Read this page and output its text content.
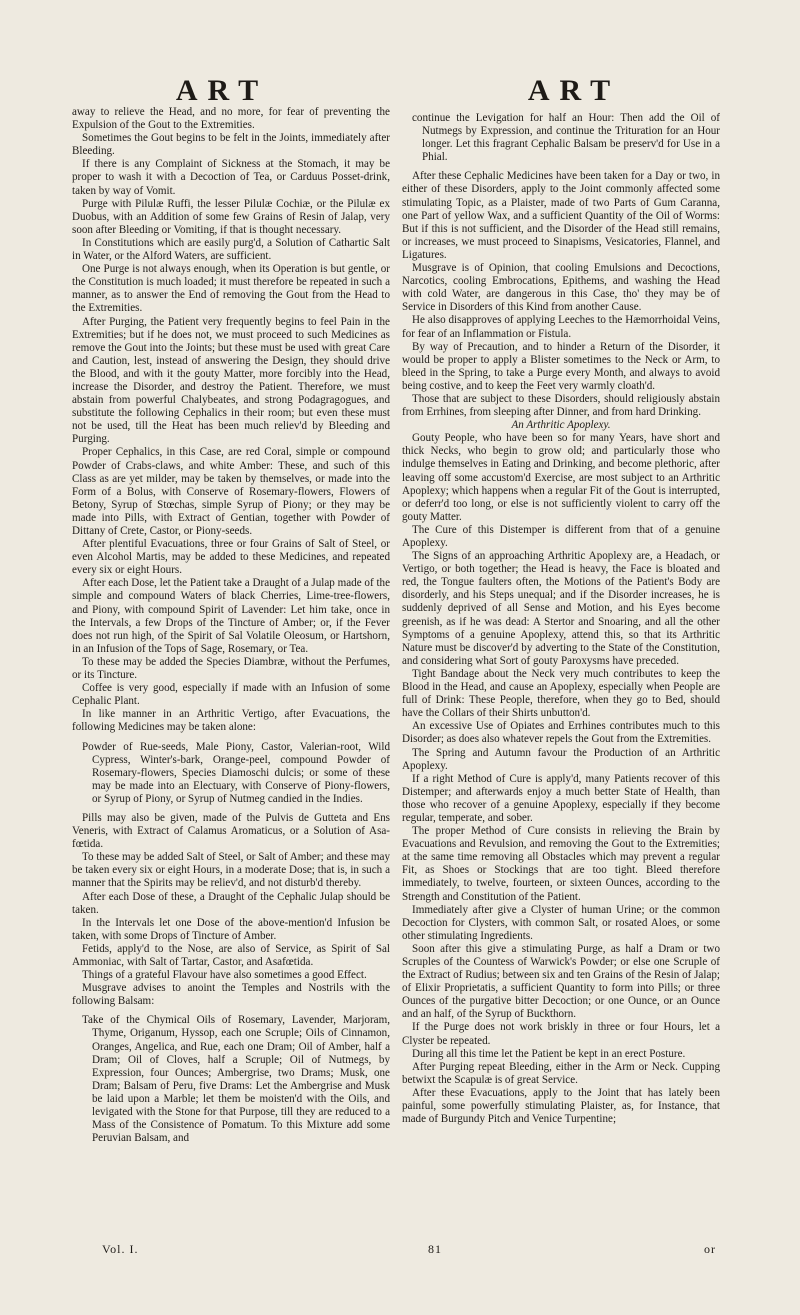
ART	ART

away to relieve the Head, and no more, for fear of preventing the Expulsion of the Gout to the Extremities.

Sometimes the Gout begins to be felt in the Joints, immediately after Bleeding.

If there is any Complaint of Sickness at the Stomach, it may be proper to wash it with a Decoction of Tea, or Carduus Posset-drink, taken by way of Vomit.

Purge with Pilulæ Ruffi, the lesser Pilulæ Cochiæ, or the Pilulæ ex Duobus, with an Addition of some few Grains of Resin of Jalap, very soon after Bleeding or Vomiting, if that is thought necessary.

In Constitutions which are easily purg'd, a Solution of Cathartic Salt in Water, or the Alford Waters, are sufficient.

One Purge is not always enough, when its Operation is but gentle, or the Constitution is much loaded; it must therefore be repeated in such a manner, as to answer the End of removing the Gout from the Head to the Extremities.

After Purging, the Patient very frequently begins to feel Pain in the Extremities; but if he does not, we must proceed to such Medicines as remove the Gout into the Joints; but these must be used with great Care and Caution, lest, instead of answering the Design, they should drive the Blood, and with it the gouty Matter, more forcibly into the Head, increase the Disorder, and destroy the Patient. Therefore, we must abstain from powerful Chalybeates, and strong Podagragogues, and substitute the following Cephalics in their room; but even these must not be used, till the Heat has been much reliev'd by Bleeding and Purging.

Proper Cephalics, in this Case, are red Coral, simple or compound Powder of Crabs-claws, and white Amber: These, and such of this Class as are yet milder, may be taken by themselves, or made into the Form of a Bolus, with Conserve of Rosemary-flowers, Flowers of Betony, Syrup of Stœchas, simple Syrup of Piony; or they may be made into Pills, with Extract of Gentian, together with Powder of Dittany of Crete, Castor, or Piony-seeds.

After plentiful Evacuations, three or four Grains of Salt of Steel, or even Alcohol Martis, may be added to these Medicines, and repeated every six or eight Hours.

After each Dose, let the Patient take a Draught of a Julap made of the simple and compound Waters of black Cherries, Lime-tree-flowers, and Piony, with compound Spirit of Lavender: Let him take, once in the Intervals, a few Drops of the Tincture of Amber; or, if the Fever does not run high, of the Spirit of Sal Volatile Oleosum, or Hartshorn, in an Infusion of the Tops of Sage, Rosemary, or Tea.

To these may be added the Species Diambræ, without the Perfumes, or its Tincture.

Coffee is very good, especially if made with an Infusion of some Cephalic Plant.

In like manner in an Arthritic Vertigo, after Evacuations, the following Medicines may be taken alone:

Powder of Rue-seeds, Male Piony, Castor, Valerian-root, Wild Cypress, Winter's-bark, Orange-peel, compound Powder of Rosemary-flowers, Species Diamoschi dulcis; or some of these may be made into an Electuary, with Conserve of Piony-flowers, or Syrup of Piony, or Syrup of Nutmeg candied in the Indies.

Pills may also be given, made of the Pulvis de Gutteta and Ens Veneris, with Extract of Calamus Aromaticus, or a Solution of Asa-fœtida.

To these may be added Salt of Steel, or Salt of Amber; and these may be taken every six or eight Hours, in a moderate Dose; that is, in such a manner that the Spirits may be reliev'd, and not disturb'd thereby.

After each Dose of these, a Draught of the Cephalic Julap should be taken.

In the Intervals let one Dose of the above-mention'd Infusion be taken, with some Drops of Tincture of Amber.

Fetids, apply'd to the Nose, are also of Service, as Spirit of Sal Ammoniac, with Salt of Tartar, Castor, and Asafœtida.

Things of a grateful Flavour have also sometimes a good Effect.

Musgrave advises to anoint the Temples and Nostrils with the following Balsam:

Take of the Chymical Oils of Rosemary, Lavender, Marjoram, Thyme, Origanum, Hyssop, each one Scruple; Oils of Cinnamon, Oranges, Angelica, and Rue, each one Dram; Oil of Amber, half a Dram; Oil of Cloves, half a Scruple; Oil of Nutmegs, by Expression, four Ounces; Ambergrise, two Drams; Musk, one Dram; Balsam of Peru, five Drams: Let the Ambergrise and Musk be laid upon a Marble; let them be moisten'd with the Oils, and levigated with the Stone for that Purpose, till they are reduced to a Mass of the Consistence of Pomatum. To this Mixture add some Peruvian Balsam, and

continue the Levigation for half an Hour: Then add the Oil of Nutmegs by Expression, and continue the Trituration for an Hour longer. Let this fragrant Cephalic Balsam be preserv'd for Use in a Phial.

After these Cephalic Medicines have been taken for a Day or two, in either of these Disorders, apply to the Joint commonly affected some stimulating Topic, as a Plaister, made of two Parts of Gum Caranna, one Part of yellow Wax, and a sufficient Quantity of the Oil of Worms: But if this is not sufficient, and the Disorder of the Head still remains, or increases, we must proceed to Sinapisms, Vesicatories, Flannel, and Ligatures.

Musgrave is of Opinion, that cooling Emulsions and Decoctions, Narcotics, cooling Embrocations, Epithems, and washing the Head with cold Water, are dangerous in this Case, tho' they may be of Service in Disorders of this Kind from another Cause.

He also disapproves of applying Leeches to the Hæmorrhoidal Veins, for fear of an Inflammation or Fistula.

By way of Precaution, and to hinder a Return of the Disorder, it would be proper to apply a Blister sometimes to the Neck or Arm, to bleed in the Spring, to take a Purge every Month, and always to avoid being costive, and to keep the Feet very warmly cloath'd.

Those that are subject to these Disorders, should religiously abstain from Errhines, from sleeping after Dinner, and from hard Drinking.

An Arthritic Apoplexy.

Gouty People, who have been so for many Years, have short and thick Necks, who begin to grow old; and particularly those who indulge themselves in Eating and Drinking, and become plethoric, after leaving off some accustom'd Exercise, are most subject to an Arthritic Apoplexy; which happens when a regular Fit of the Gout is interrupted, or deferr'd too long, or else is not sufficiently violent to carry off the gouty Matter.

The Cure of this Distemper is different from that of a genuine Apoplexy.

The Signs of an approaching Arthritic Apoplexy are, a Headach, or Vertigo, or both together; the Head is heavy, the Face is bloated and red, the Tongue faulters often, the Motions of the Patient's Body are disorderly, and his Steps unequal; and if the Disorder increases, he is suddenly deprived of all Sense and Motion, and his Eyes become greenish, as if he was dead: A Stertor and Snoaring, and all the other Symptoms of a genuine Apoplexy, attend this, so that its Arthritic Nature must be discover'd by adverting to the State of the Constitution, and considering what Sort of gouty Paroxysms have preceded.

Tight Bandage about the Neck very much contributes to keep the Blood in the Head, and cause an Apoplexy, especially when People are full of Drink: These People, therefore, when they go to Bed, should have the Collars of their Shirts unbutton'd.

An excessive Use of Opiates and Errhines contributes much to this Disorder; as does also whatever repels the Gout from the Extremities.

The Spring and Autumn favour the Production of an Arthritic Apoplexy.

If a right Method of Cure is apply'd, many Patients recover of this Distemper; and afterwards enjoy a much better State of Health, than those who recover of a genuine Apoplexy, especially if they become regular, temperate, and sober.

The proper Method of Cure consists in relieving the Brain by Evacuations and Revulsion, and removing the Gout to the Extremities; at the same time removing all Obstacles which may prevent a regular Fit, as Shoes or Stockings that are too tight. Bleed therefore immediately, to twelve, fourteen, or sixteen Ounces, according to the Strength and Constitution of the Patient.

Immediately after give a Clyster of human Urine; or the common Decoction for Clysters, with common Salt, or rosated Aloes, or some other stimulating Ingredients.

Soon after this give a stimulating Purge, as half a Dram or two Scruples of the Countess of Warwick's Powder; or else one Scruple of the Extract of Rudius; between six and ten Grains of the Resin of Jalap; of Elixir Proprietatis, a sufficient Quantity to form into Pills; or three Ounces of the purgative bitter Decoction; or one Ounce, or an Ounce and an half, of the Syrup of Buckthorn.

If the Purge does not work briskly in three or four Hours, let a Clyster be repeated.

During all this time let the Patient be kept in an erect Posture.

After Purging repeat Bleeding, either in the Arm or Neck. Cupping betwixt the Scapulæ is of great Service.

After these Evacuations, apply to the Joint that has lately been painful, some powerfully stimulating Plaister, as, for Instance, that made of Burgundy Pitch and Venice Turpentine;

Vol. I.	81	or
